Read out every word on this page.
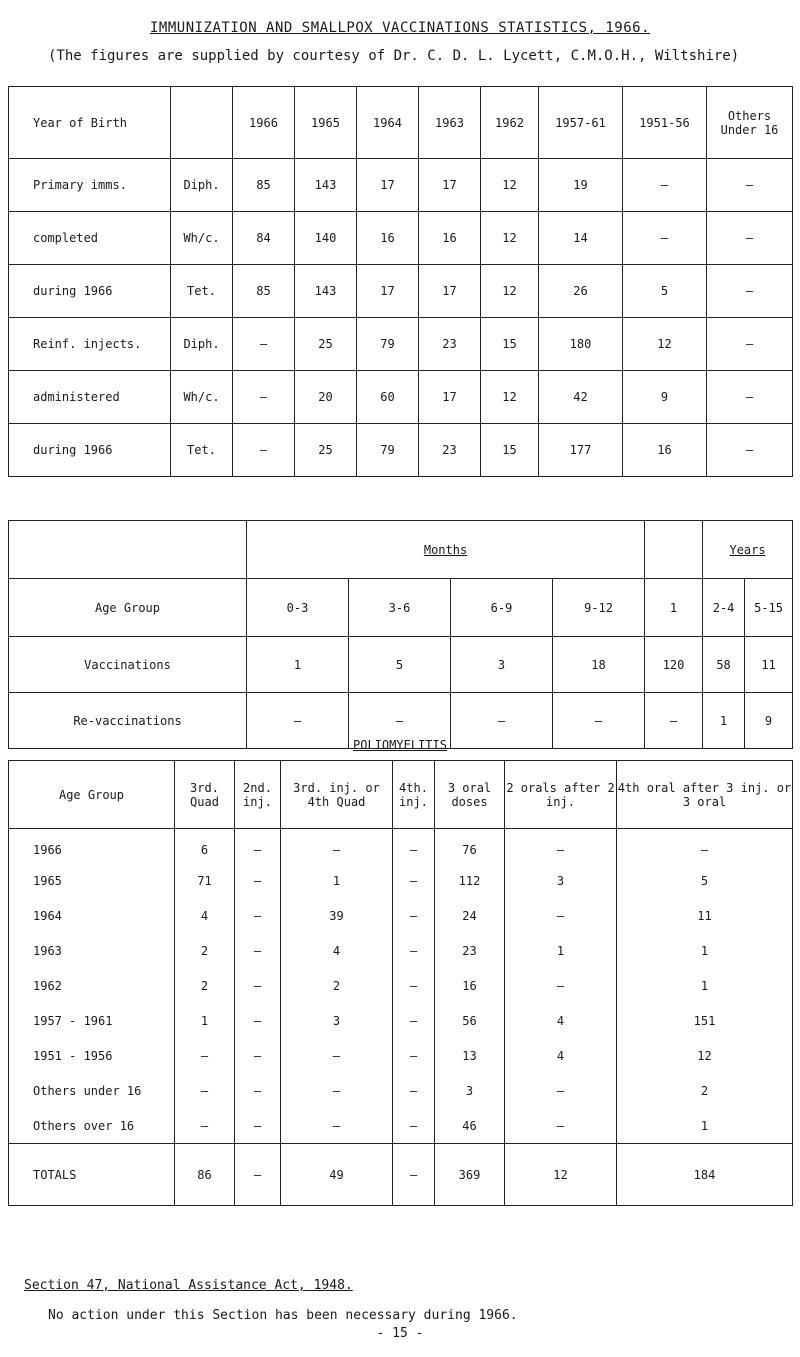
IMMUNIZATION AND SMALLPOX VACCINATIONS STATISTICS, 1966.
(The figures are supplied by courtesy of Dr. C. D. L. Lycett, C.M.O.H., Wiltshire)
Year of Birth		1966	1965	1964	1963	1962	1957-61	1951-56	Others Under 16
Primary imms.	Diph.	85	143	17	17	12	19	–	–
completed	Wh/c.	84	140	16	16	12	14	–	–
during 1966	Tet.	85	143	17	17	12	26	5	–
Reinf. injects.	Diph.	–	25	79	23	15	180	12	–
administered	Wh/c.	–	20	60	17	12	42	9	–
during 1966	Tet.	–	25	79	23	15	177	16	–
	Months					Years	
Age Group	0-3	3-6	6-9	9-12	1	2-4	5-15
Vaccinations	1	5	3	18	120	58	11
Re-vaccinations	–	–	–	–	–	1	9
POLIOMYELITIS
Age Group	3rd. Quad	2nd. inj.	3rd. inj. or 4th Quad	4th. inj.	3 oral doses	2 orals after 2 inj.	4th oral after 3 inj. or 3 oral
1966	6	–	–	–	76	–	–
1965	71	–	1	–	112	3	5
1964	4	–	39	–	24	–	11
1963	2	–	4	–	23	1	1
1962	2	–	2	–	16	–	1
1957 - 1961	1	–	3	–	56	4	151
1951 - 1956	–	–	–	–	13	4	12
Others under 16	–	–	–	–	3	–	2
Others over 16	–	–	–	–	46	–	1
TOTALS	86	–	49	–	369	12	184
Section 47, National Assistance Act, 1948.
No action under this Section has been necessary during 1966.
- 15 -
